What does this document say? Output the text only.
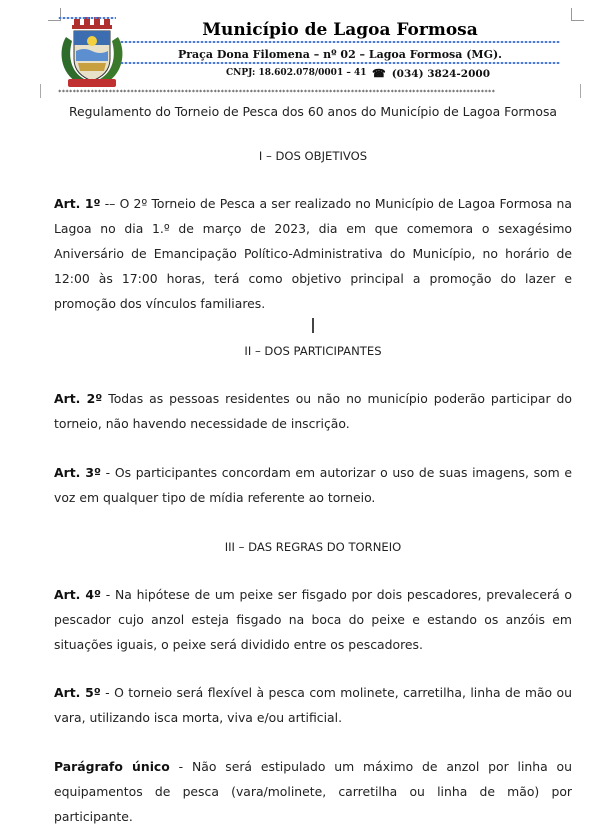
Município de Lagoa Formosa
Praça Dona Filomena – nº 02 – Lagoa Formosa (MG).
CNPJ: 18.602.078/0001 – 41 ☎ (034) 3824-2000
*************************************************************************************************************************
Regulamento do Torneio de Pesca dos 60 anos do Município de Lagoa Formosa
I – DOS OBJETIVOS
Art. 1º -– O 2º Torneio de Pesca a ser realizado no Município de Lagoa Formosa na Lagoa no dia 1.º de março de 2023, dia em que comemora o sexagésimo Aniversário de Emancipação Político-Administrativa do Município, no horário de 12:00 às 17:00 horas, terá como objetivo principal a promoção do lazer e promoção dos vínculos familiares.
II – DOS PARTICIPANTES
Art. 2º Todas as pessoas residentes ou não no município poderão participar do torneio, não havendo necessidade de inscrição.
Art. 3º - Os participantes concordam em autorizar o uso de suas imagens, som e voz em qualquer tipo de mídia referente ao torneio.
III – DAS REGRAS DO TORNEIO
Art. 4º - Na hipótese de um peixe ser fisgado por dois pescadores, prevalecerá o pescador cujo anzol esteja fisgado na boca do peixe e estando os anzóis em situações iguais, o peixe será dividido entre os pescadores.
Art. 5º - O torneio será flexível à pesca com molinete, carretilha, linha de mão ou vara, utilizando isca morta, viva e/ou artificial.
Parágrafo único - Não será estipulado um máximo de anzol por linha ou equipamentos de pesca (vara/molinete, carretilha ou linha de mão) por participante.
